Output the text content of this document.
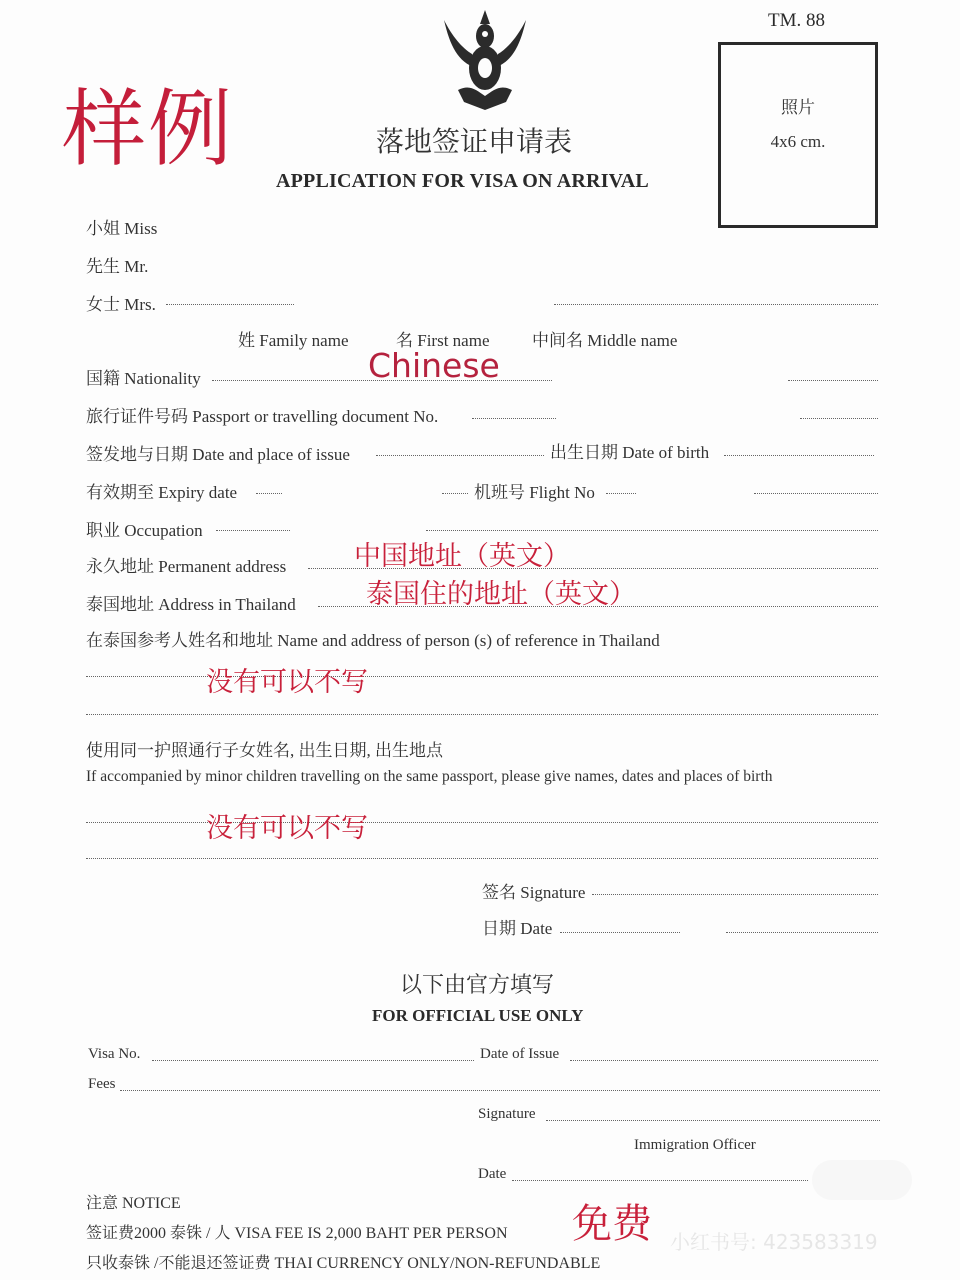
样例
TM. 88
落地签证申请表
APPLICATION FOR VISA ON ARRIVAL
照片
4x6 cm.
小姐 Miss
先生 Mr.
女士 Mrs.
姓 Family name	名 First name	中间名 Middle name
国籍 Nationality	Chinese
旅行证件号码 Passport or travelling document No.
签发地与日期 Date and place of issue	出生日期 Date of birth
有效期至 Expiry date	机班号 Flight No
职业 Occupation
永久地址 Permanent address	中国地址（英文）
泰国地址 Address in Thailand	泰国住的地址（英文）
在泰国参考人姓名和地址 Name and address of person (s) of reference in Thailand
没有可以不写
使用同一护照通行子女姓名, 出生日期, 出生地点
If accompanied by minor children travelling on the same passport, please give names, dates and places of birth
没有可以不写
签名 Signature
日期 Date
以下由官方填写
FOR OFFICIAL USE ONLY
Visa No.	Date of Issue
Fees
Signature
Immigration Officer
Date
注意 NOTICE
签证费2000 泰铢 / 人 VISA FEE IS 2,000 BAHT PER PERSON 免费
只收泰铢 /不能退还签证费 THAI CURRENCY ONLY/NON-REFUNDABLE
小红书号: 423583319
